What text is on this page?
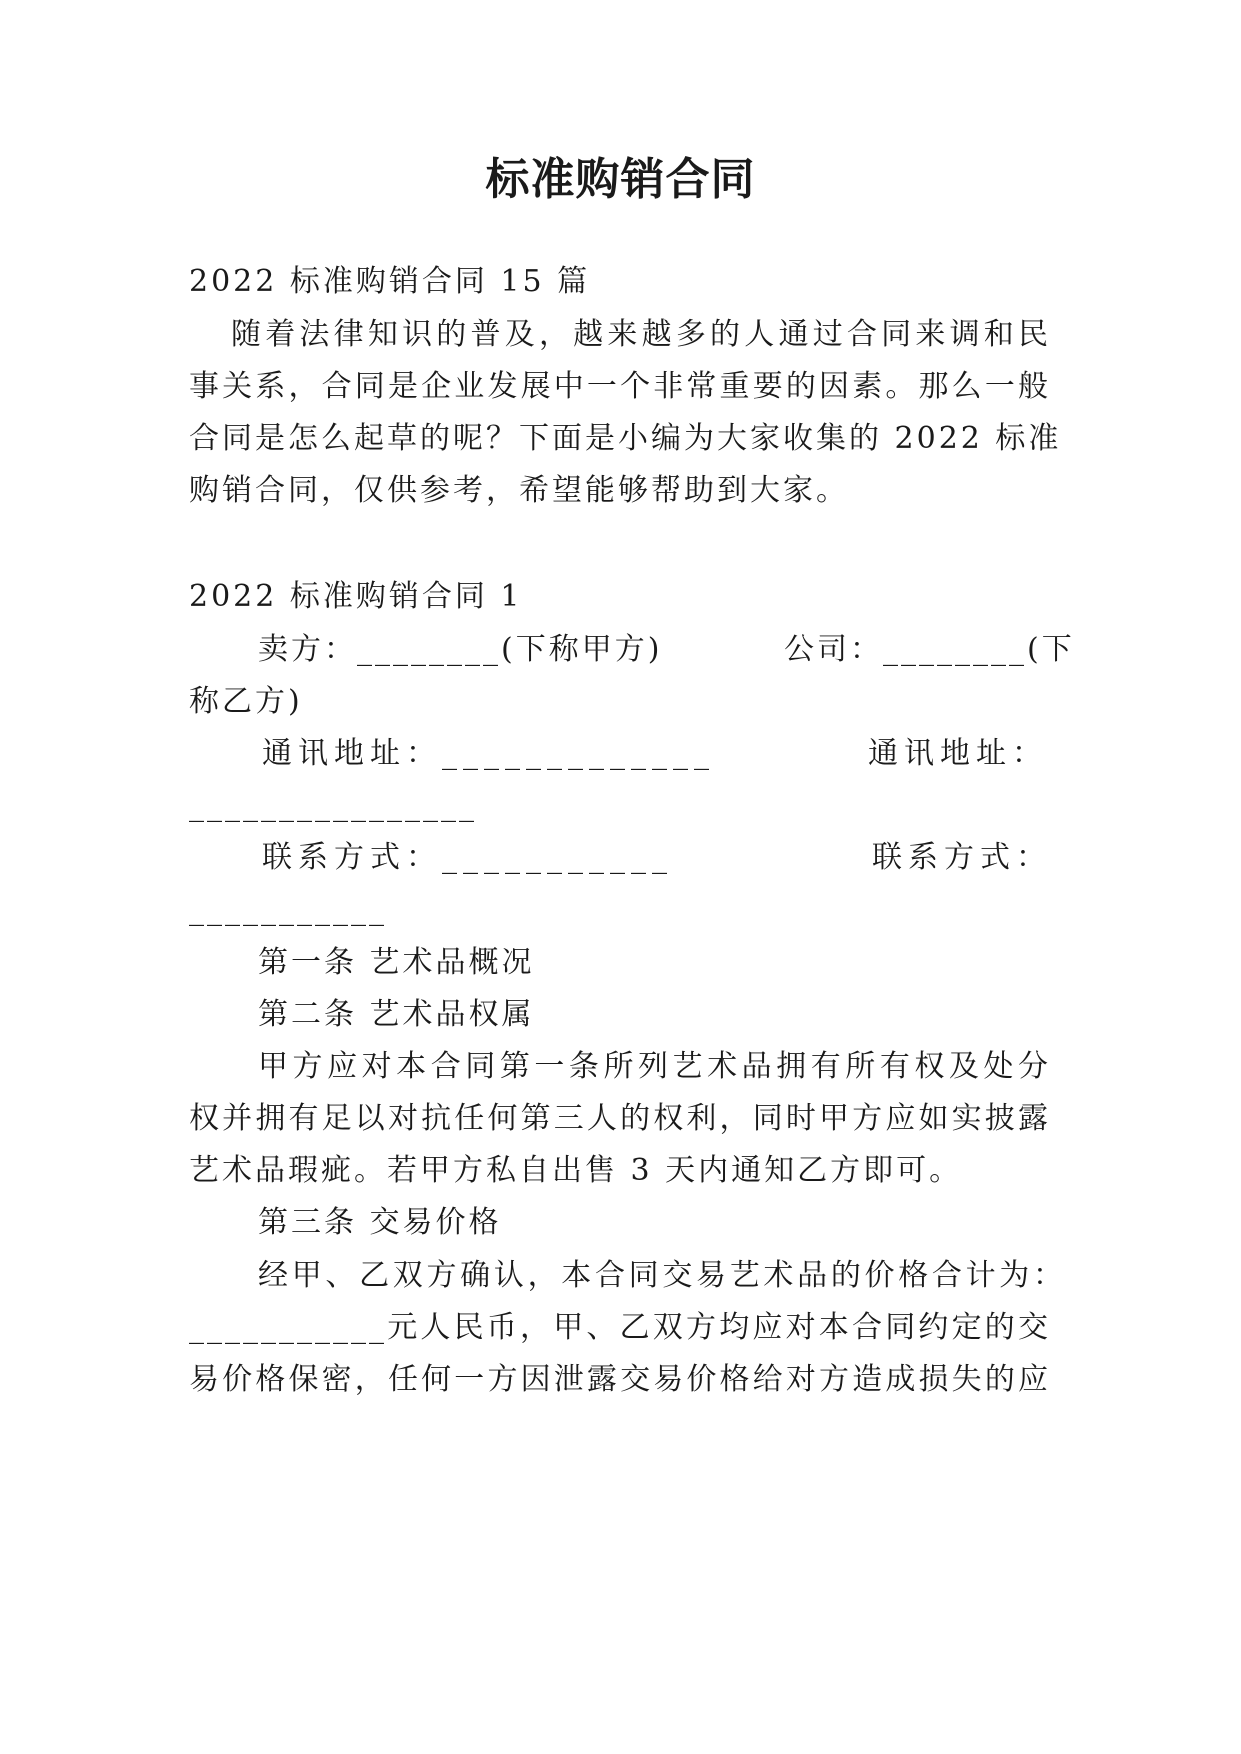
标准购销合同
2022 标准购销合同 15 篇
随着法律知识的普及，越来越多的人通过合同来调和民
事关系，合同是企业发展中一个非常重要的因素。那么一般
合同是怎么起草的呢？下面是小编为大家收集的 2022 标准
购销合同，仅供参考，希望能够帮助到大家。
2022 标准购销合同 1
卖方：________(下称甲方)	公司：________(下
称乙方)
通讯地址：_____________	通讯地址：
________________
联系方式：___________	联系方式：
___________
第一条 艺术品概况
第二条 艺术品权属
甲方应对本合同第一条所列艺术品拥有所有权及处分
权并拥有足以对抗任何第三人的权利，同时甲方应如实披露
艺术品瑕疵。若甲方私自出售 3 天内通知乙方即可。
第三条 交易价格
经甲、乙双方确认，本合同交易艺术品的价格合计为：
___________元人民币，甲、乙双方均应对本合同约定的交
易价格保密，任何一方因泄露交易价格给对方造成损失的应
